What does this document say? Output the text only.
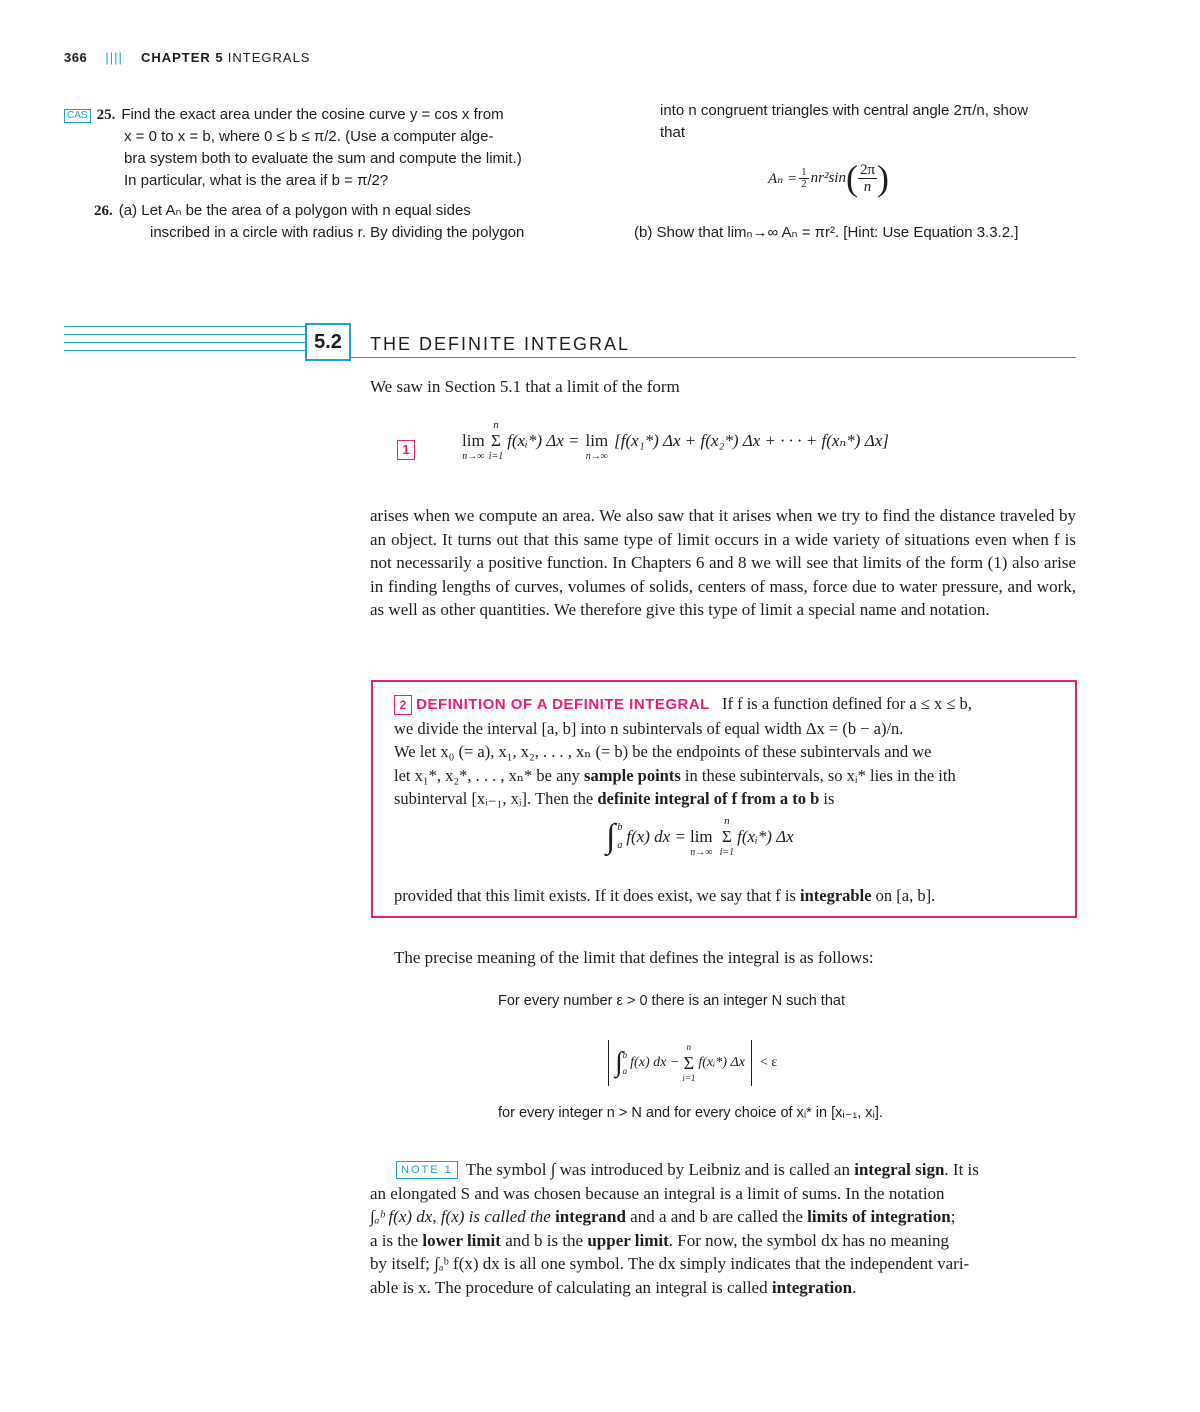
366 |||| CHAPTER 5 INTEGRALS
CAS 25. Find the exact area under the cosine curve y = cos x from
x = 0 to x = b, where 0 ≤ b ≤ π/2. (Use a computer alge-
bra system both to evaluate the sum and compute the limit.)
In particular, what is the area if b = π/2?
26. (a) Let Aₙ be the area of a polygon with n equal sides
inscribed in a circle with radius r. By dividing the polygon
into n congruent triangles with central angle 2π/n, show
that
$A_n = \frac{1}{2} nr^2\sin$ ( $\frac{2\pi}{n}$ )
(b) Show that limₙ→∞ Aₙ = πr². [Hint: Use Equation 3.3.2.]
5.2	THE DEFINITE INTEGRAL
We saw in Section 5.1 that a limit of the form
1
	lim
n→∞
n
Σ
i=1
f(xᵢ*) Δx =
lim
n→∞
[f(x₁*) Δx + f(x₂*) Δx + · · · + f(xₙ*) Δx]
arises when we compute an area. We also saw that it arises when we try to find the distance traveled by an object. It turns out that this same type of limit occurs in a wide variety of situations even when f is not necessarily a positive function. In Chapters 6 and 8 we will see that limits of the form (1) also arise in finding lengths of curves, volumes of solids, centers of mass, force due to water pressure, and work, as well as other quantities. We therefore give this type of limit a special name and notation.
2 DEFINITION OF A DEFINITE INTEGRAL If f is a function defined for a ≤ x ≤ b,
we divide the interval [a, b] into n subintervals of equal width Δx = (b − a)/n.
We let x₀ (= a), x₁, x₂, . . . , xₙ (= b) be the endpoints of these subintervals and we
let x₁*, x₂*, . . . , xₙ* be any sample points in these subintervals, so xᵢ* lies in the ith
subinterval [xᵢ₋₁, xᵢ]. Then the definite integral of f from a to b is
∫ b
a f(x) dx =
lim
n→∞
n
Σ
i=1
f(xᵢ*) Δx
provided that this limit exists. If it does exist, we say that f is integrable on [a, b].
The precise meaning of the limit that defines the integral is as follows:
For every number ε > 0 there is an integer N such that
∫ b
a
f(x) dx −
n
Σ
i=1
f(xᵢ*) Δx < ε
for every integer n > N and for every choice of xᵢ* in [xᵢ₋₁, xᵢ].
NOTE 1 The symbol ∫ was introduced by Leibniz and is called an integral sign. It is
an elongated S and was chosen because an integral is a limit of sums. In the notation
∫ₐᵇ f(x) dx, f(x) is called the integrand and a and b are called the limits of integration;
a is the lower limit and b is the upper limit. For now, the symbol dx has no meaning
by itself; ∫ₐᵇ f(x) dx is all one symbol. The dx simply indicates that the independent vari-
able is x. The procedure of calculating an integral is called integration.
